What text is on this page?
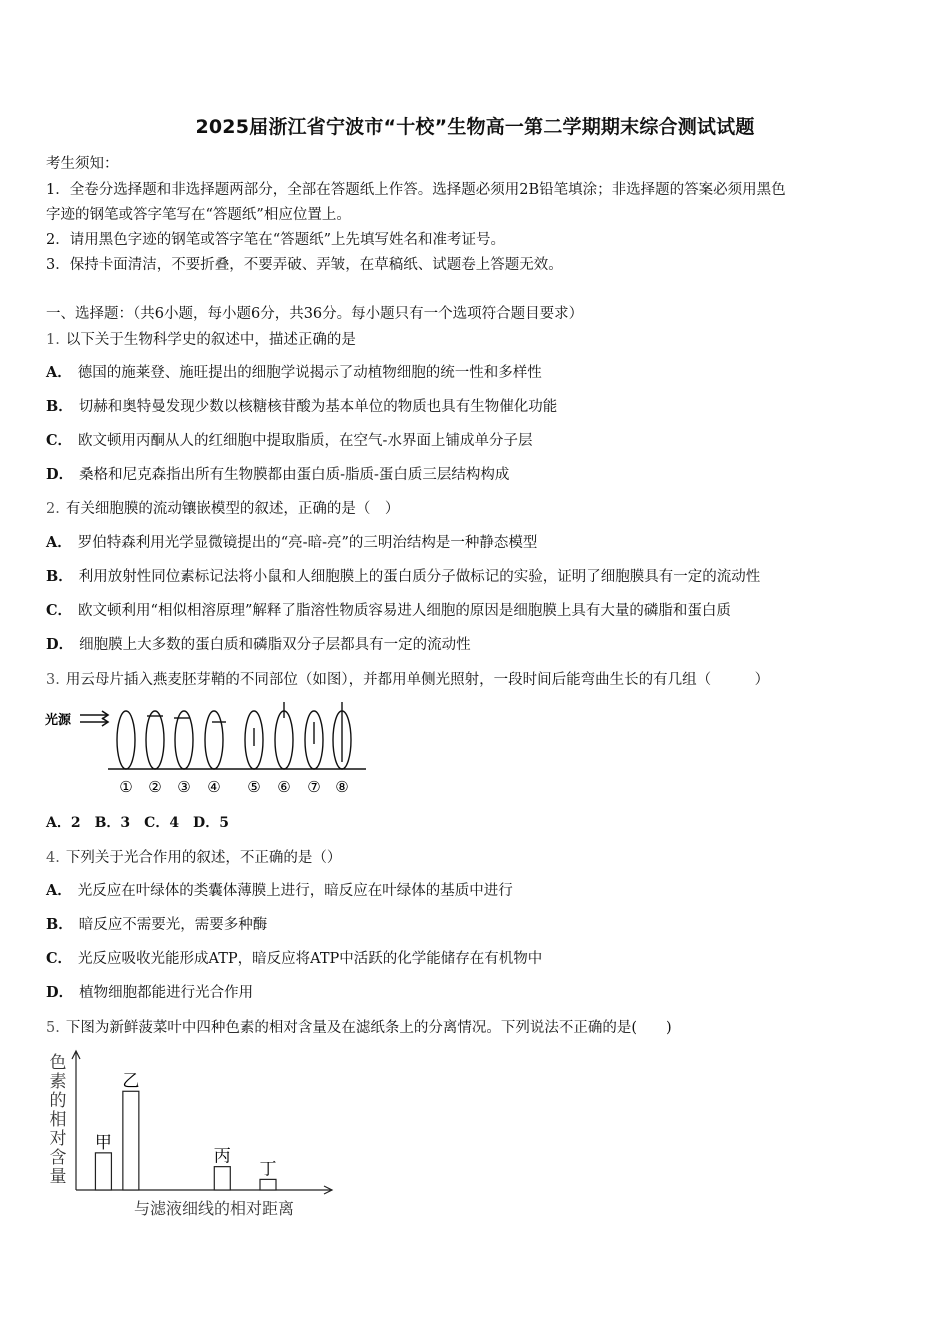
2025届浙江省宁波市“十校”生物高一第二学期期末综合测试试题
考生须知：
1．全卷分选择题和非选择题两部分，全部在答题纸上作答。选择题必须用2B铅笔填涂；非选择题的答案必须用黑色
字迹的钢笔或答字笔写在“答题纸”相应位置上。
2．请用黑色字迹的钢笔或答字笔在“答题纸”上先填写姓名和准考证号。
3．保持卡面清洁，不要折叠，不要弄破、弄皱，在草稿纸、试题卷上答题无效。
一、选择题：（共6小题，每小题6分，共36分。每小题只有一个选项符合题目要求）
1. 以下关于生物科学史的叙述中，描述正确的是
A． 德国的施莱登、施旺提出的细胞学说揭示了动植物细胞的统一性和多样性
B． 切赫和奥特曼发现少数以核糖核苷酸为基本单位的物质也具有生物催化功能
C． 欧文顿用丙酮从人的红细胞中提取脂质，在空气-水界面上铺成单分子层
D． 桑格和尼克森指出所有生物膜都由蛋白质-脂质-蛋白质三层结构构成
2. 有关细胞膜的流动镶嵌模型的叙述，正确的是（　）
A． 罗伯特森利用光学显微镜提出的“亮-暗-亮”的三明治结构是一种静态模型
B． 利用放射性同位素标记法将小鼠和人细胞膜上的蛋白质分子做标记的实验，证明了细胞膜具有一定的流动性
C． 欧文顿利用“相似相溶原理”解释了脂溶性物质容易进人细胞的原因是细胞膜上具有大量的磷脂和蛋白质
D． 细胞膜上大多数的蛋白质和磷脂双分子层都具有一定的流动性
3. 用云母片插入燕麦胚芽鞘的不同部位（如图），并都用单侧光照射，一段时间后能弯曲生长的有几组（　　　）
光源
① ② ③ ④ ⑤ ⑥ ⑦ ⑧
A．2　B．3　C．4　D．5
4. 下列关于光合作用的叙述，不正确的是（）
A． 光反应在叶绿体的类囊体薄膜上进行，暗反应在叶绿体的基质中进行
B． 暗反应不需要光，需要多种酶
C． 光反应吸收光能形成ATP，暗反应将ATP中活跃的化学能储存在有机物中
D． 植物细胞都能进行光合作用
5. 下图为新鲜菠菜叶中四种色素的相对含量及在滤纸条上的分离情况。下列说法不正确的是(　　)
色
素
的
相
对
含
量
甲
乙
丙
丁
与滤液细线的相对距离
